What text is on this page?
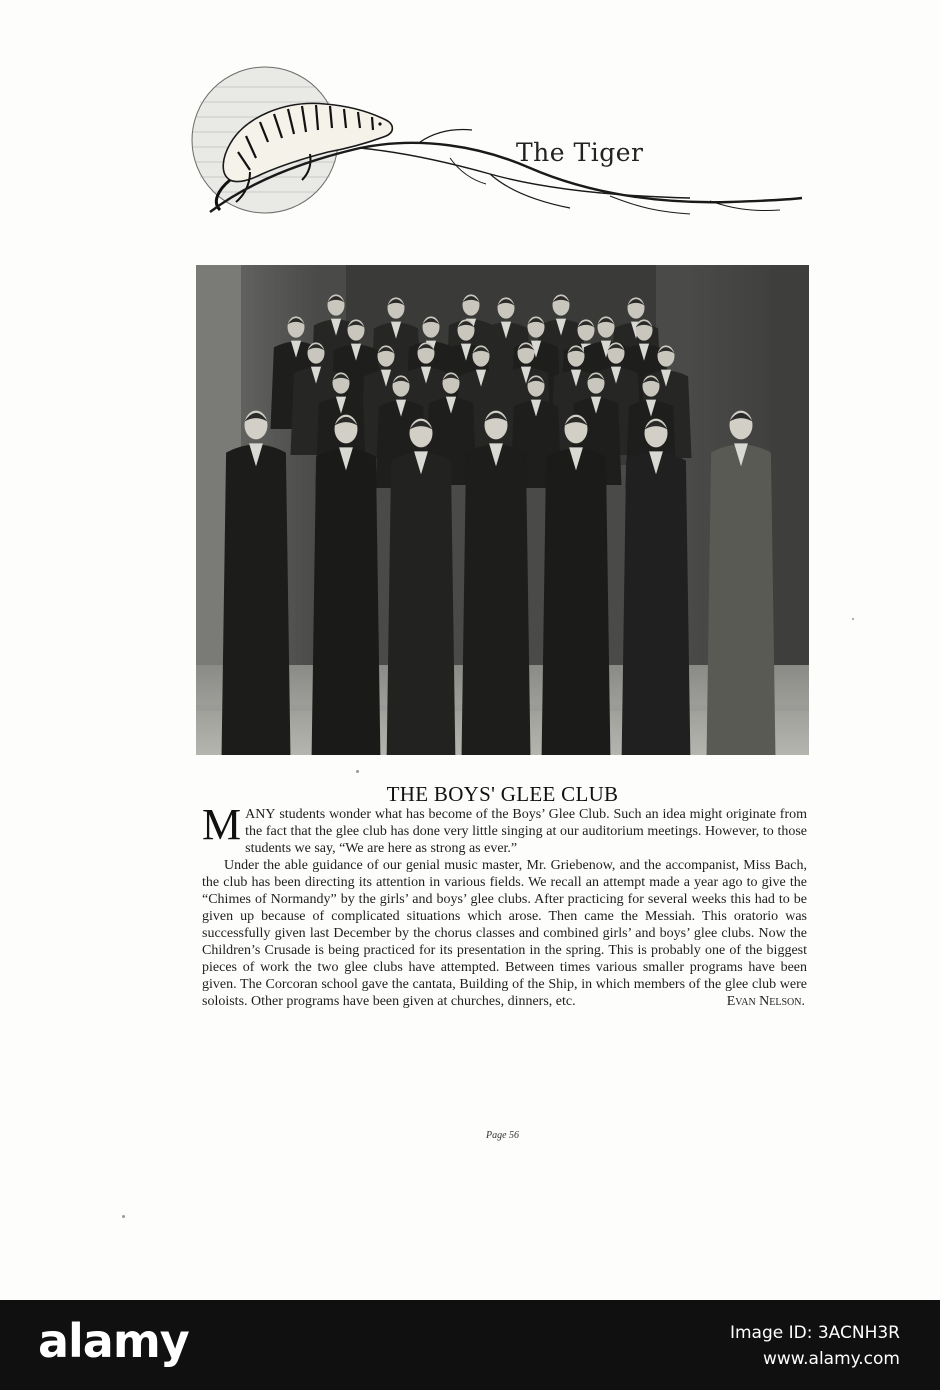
The Tiger
THE BOYS' GLEE CLUB

MANY students wonder what has become of the Boys’ Glee Club. Such an idea might originate from the fact that the glee club has done very little singing at our auditorium meetings. However, to those students we say, “We are here as strong as ever.”

Under the able guidance of our genial music master, Mr. Griebenow, and the accompanist, Miss Bach, the club has been directing its attention in various fields. We recall an attempt made a year ago to give the “Chimes of Normandy” by the girls’ and boys’ glee clubs. After practicing for several weeks this had to be given up because of complicated situations which arose. Then came the Messiah. This oratorio was successfully given last December by the chorus classes and combined girls’ and boys’ glee clubs. Now the Children’s Crusade is being practiced for its presentation in the spring. This is probably one of the biggest pieces of work the two glee clubs have attempted. Between times various smaller programs have been given. The Corcoran school gave the cantata, Building of the Ship, in which members of the glee club were soloists. Other programs have been given at churches, dinners, etc.	Evan Nelson.

Page 56
alamy	Image ID: 3ACNH3R
www.alamy.com
